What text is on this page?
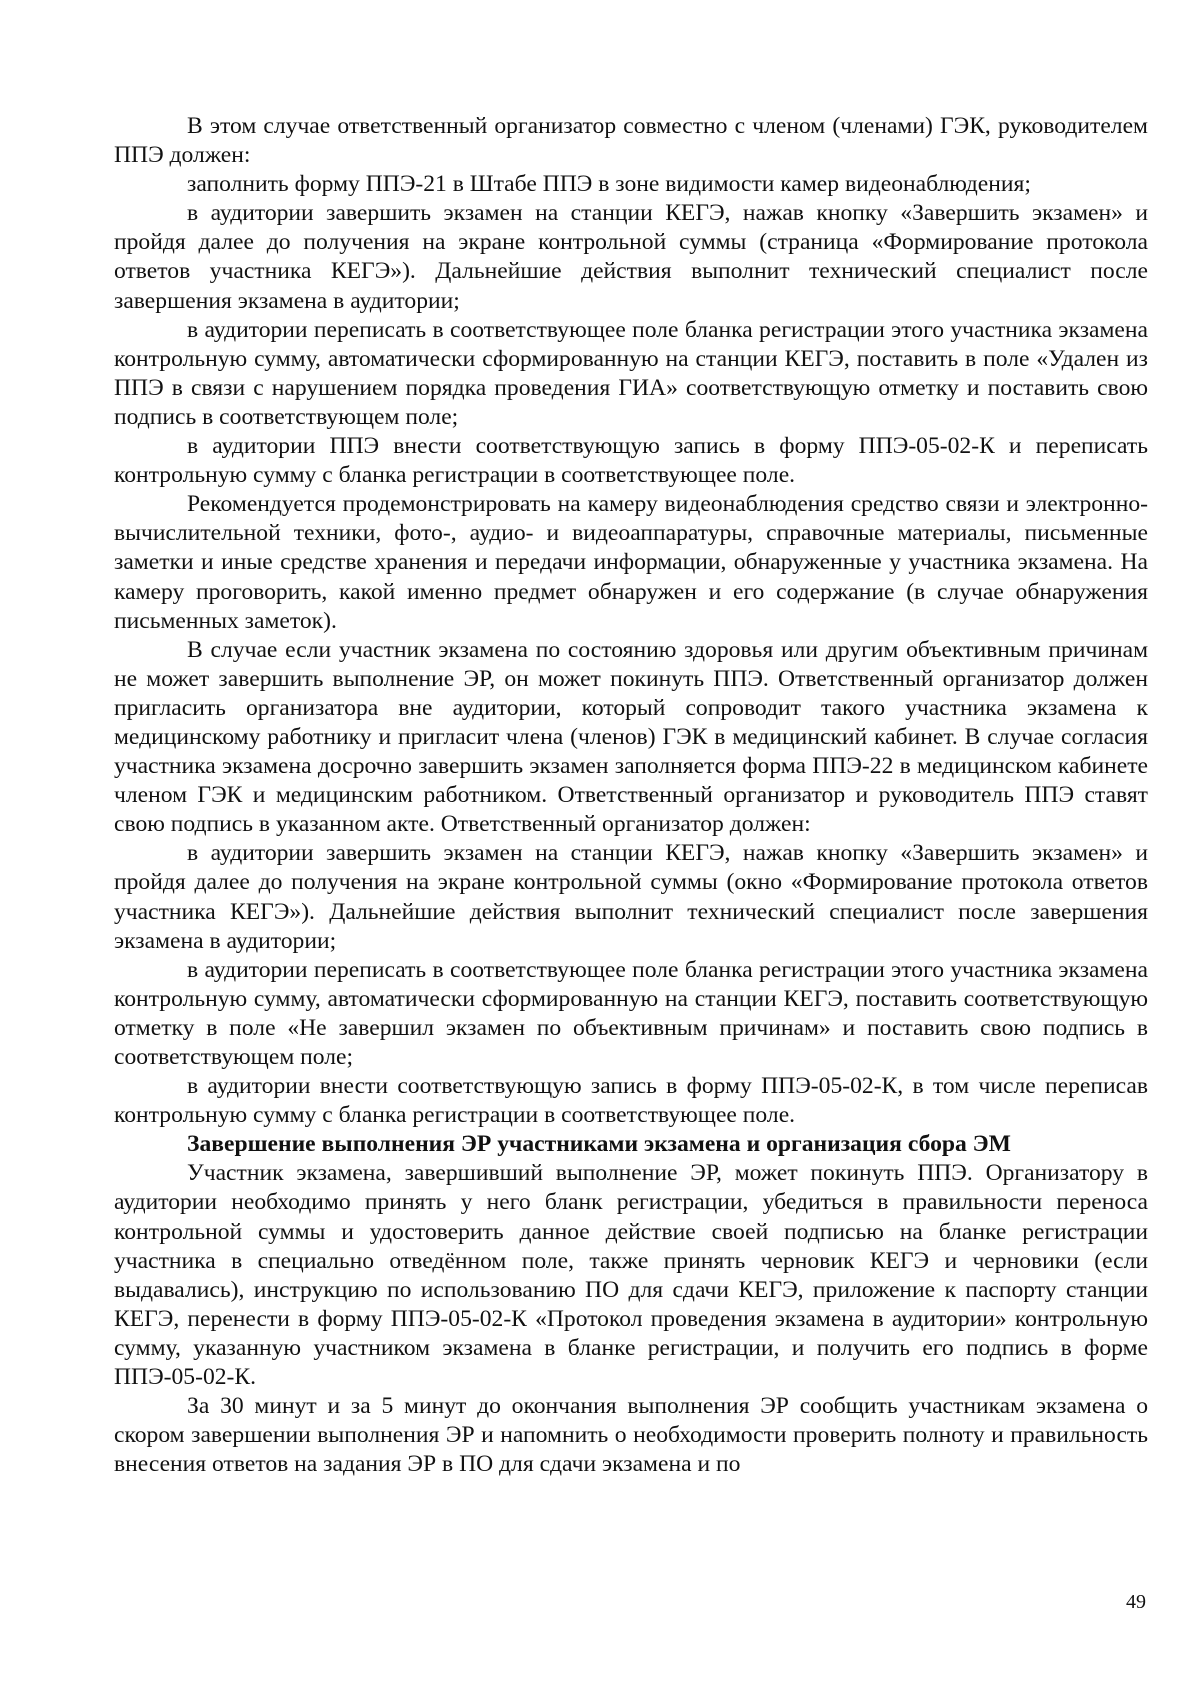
В этом случае ответственный организатор совместно с членом (членами) ГЭК, руководителем ППЭ должен:

заполнить форму ППЭ-21 в Штабе ППЭ в зоне видимости камер видеонаблюдения;

в аудитории завершить экзамен на станции КЕГЭ, нажав кнопку «Завершить экзамен» и пройдя далее до получения на экране контрольной суммы (страница «Формирование протокола ответов участника КЕГЭ»). Дальнейшие действия выполнит технический специалист после завершения экзамена в аудитории;

в аудитории переписать в соответствующее поле бланка регистрации этого участника экзамена контрольную сумму, автоматически сформированную на станции КЕГЭ, поставить в поле «Удален из ППЭ в связи с нарушением порядка проведения ГИА» соответствующую отметку и поставить свою подпись в соответствующем поле;

в аудитории ППЭ внести соответствующую запись в форму ППЭ-05-02-К и переписать контрольную сумму с бланка регистрации в соответствующее поле.

Рекомендуется продемонстрировать на камеру видеонаблюдения средство связи и электронно-вычислительной техники, фото-, аудио- и видеоаппаратуры, справочные материалы, письменные заметки и иные средстве хранения и передачи информации, обнаруженные у участника экзамена. На камеру проговорить, какой именно предмет обнаружен и его содержание (в случае обнаружения письменных заметок).

В случае если участник экзамена по состоянию здоровья или другим объективным причинам не может завершить выполнение ЭР, он может покинуть ППЭ. Ответственный организатор должен пригласить организатора вне аудитории, который сопроводит такого участника экзамена к медицинскому работнику и пригласит члена (членов) ГЭК в медицинский кабинет. В случае согласия участника экзамена досрочно завершить экзамен заполняется форма ППЭ-22 в медицинском кабинете членом ГЭК и медицинским работником. Ответственный организатор и руководитель ППЭ ставят свою подпись в указанном акте. Ответственный организатор должен:

в аудитории завершить экзамен на станции КЕГЭ, нажав кнопку «Завершить экзамен» и пройдя далее до получения на экране контрольной суммы (окно «Формирование протокола ответов участника КЕГЭ»). Дальнейшие действия выполнит технический специалист после завершения экзамена в аудитории;

в аудитории переписать в соответствующее поле бланка регистрации этого участника экзамена контрольную сумму, автоматически сформированную на станции КЕГЭ, поставить соответствующую отметку в поле «Не завершил экзамен по объективным причинам» и поставить свою подпись в соответствующем поле;

в аудитории внести соответствующую запись в форму ППЭ-05-02-К, в том числе переписав контрольную сумму с бланка регистрации в соответствующее поле.

Завершение выполнения ЭР участниками экзамена и организация сбора ЭМ

Участник экзамена, завершивший выполнение ЭР, может покинуть ППЭ. Организатору в аудитории необходимо принять у него бланк регистрации, убедиться в правильности переноса контрольной суммы и удостоверить данное действие своей подписью на бланке регистрации участника в специально отведённом поле, также принять черновик КЕГЭ и черновики (если выдавались), инструкцию по использованию ПО для сдачи КЕГЭ, приложение к паспорту станции КЕГЭ, перенести в форму ППЭ-05-02-К «Протокол проведения экзамена в аудитории» контрольную сумму, указанную участником экзамена в бланке регистрации, и получить его подпись в форме ППЭ-05-02-К.

За 30 минут и за 5 минут до окончания выполнения ЭР сообщить участникам экзамена о скором завершении выполнения ЭР и напомнить о необходимости проверить полноту и правильность внесения ответов на задания ЭР в ПО для сдачи экзамена и по

49
